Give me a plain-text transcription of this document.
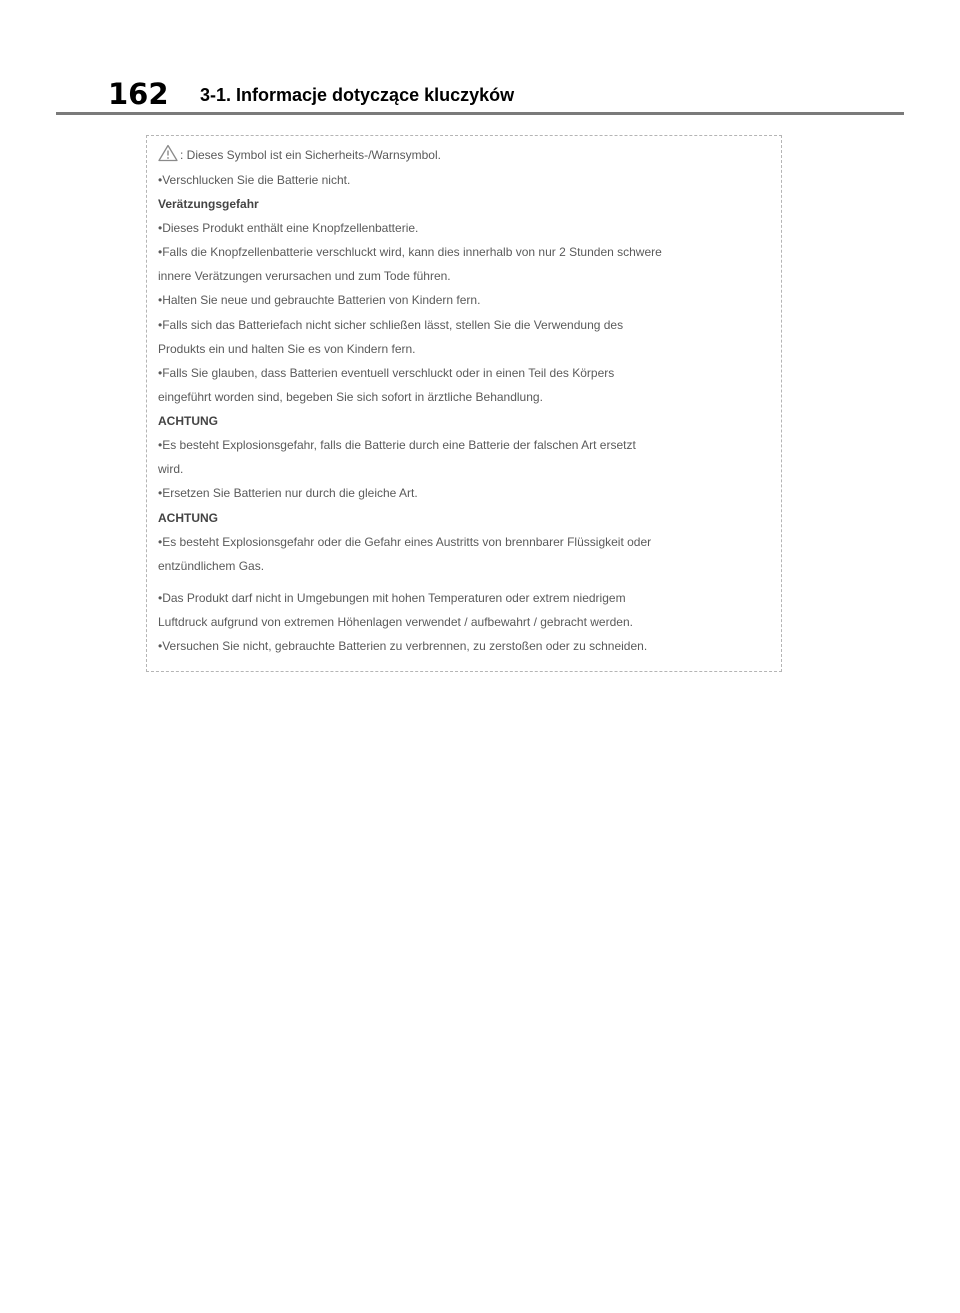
162 3-1. Informacje dotyczące kluczyków
: Dieses Symbol ist ein Sicherheits-/Warnsymbol.
•Verschlucken Sie die Batterie nicht.
Verätzungsgefahr
•Dieses Produkt enthält eine Knopfzellenbatterie.
•Falls die Knopfzellenbatterie verschluckt wird, kann dies innerhalb von nur 2 Stunden schwere
innere Verätzungen verursachen und zum Tode führen.
•Halten Sie neue und gebrauchte Batterien von Kindern fern.
•Falls sich das Batteriefach nicht sicher schließen lässt, stellen Sie die Verwendung des
Produkts ein und halten Sie es von Kindern fern.
•Falls Sie glauben, dass Batterien eventuell verschluckt oder in einen Teil des Körpers
eingeführt worden sind, begeben Sie sich sofort in ärztliche Behandlung.
ACHTUNG
•Es besteht Explosionsgefahr, falls die Batterie durch eine Batterie der falschen Art ersetzt
wird.
•Ersetzen Sie Batterien nur durch die gleiche Art.
ACHTUNG
•Es besteht Explosionsgefahr oder die Gefahr eines Austritts von brennbarer Flüssigkeit oder
entzündlichem Gas.
•Das Produkt darf nicht in Umgebungen mit hohen Temperaturen oder extrem niedrigem
Luftdruck aufgrund von extremen Höhenlagen verwendet / aufbewahrt / gebracht werden.
•Versuchen Sie nicht, gebrauchte Batterien zu verbrennen, zu zerstoßen oder zu schneiden.
